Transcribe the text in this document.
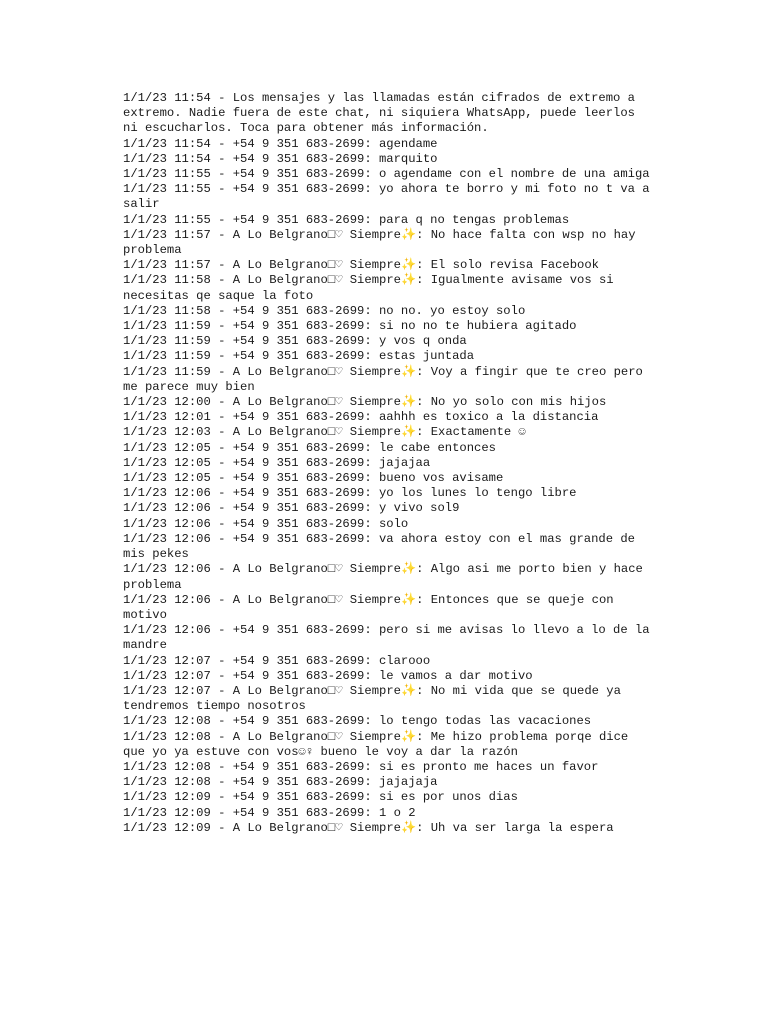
1/1/23 11:54 - Los mensajes y las llamadas están cifrados de extremo a extremo. Nadie fuera de este chat, ni siquiera WhatsApp, puede leerlos ni escucharlos. Toca para obtener más información.

1/1/23 11:54 - +54 9 351 683-2699: agendame

1/1/23 11:54 - +54 9 351 683-2699: marquito

1/1/23 11:55 - +54 9 351 683-2699: o agendame con el nombre de una amiga

1/1/23 11:55 - +54 9 351 683-2699: yo ahora te borro y mi foto no t va a salir

1/1/23 11:55 - +54 9 351 683-2699: para q no tengas problemas

1/1/23 11:57 - A Lo Belgrano□♡ Siempre✨: No hace falta con wsp no hay problema

1/1/23 11:57 - A Lo Belgrano□♡ Siempre✨: El solo revisa Facebook

1/1/23 11:58 - A Lo Belgrano□♡ Siempre✨: Igualmente avisame vos si necesitas qe saque la foto

1/1/23 11:58 - +54 9 351 683-2699: no no. yo estoy solo

1/1/23 11:59 - +54 9 351 683-2699: si no no te hubiera agitado

1/1/23 11:59 - +54 9 351 683-2699: y vos q onda

1/1/23 11:59 - +54 9 351 683-2699: estas juntada

1/1/23 11:59 - A Lo Belgrano□♡ Siempre✨: Voy a fingir que te creo pero me parece muy bien

1/1/23 12:00 - A Lo Belgrano□♡ Siempre✨: No yo solo con mis hijos

1/1/23 12:01 - +54 9 351 683-2699: aahhh es toxico a la distancia

1/1/23 12:03 - A Lo Belgrano□♡ Siempre✨: Exactamente ☺

1/1/23 12:05 - +54 9 351 683-2699: le cabe entonces

1/1/23 12:05 - +54 9 351 683-2699: jajajaa

1/1/23 12:05 - +54 9 351 683-2699: bueno vos avisame

1/1/23 12:06 - +54 9 351 683-2699: yo los lunes lo tengo libre

1/1/23 12:06 - +54 9 351 683-2699: y vivo sol9

1/1/23 12:06 - +54 9 351 683-2699: solo

1/1/23 12:06 - +54 9 351 683-2699: va ahora estoy con el mas grande de mis pekes

1/1/23 12:06 - A Lo Belgrano□♡ Siempre✨: Algo asi me porto bien y hace problema

1/1/23 12:06 - A Lo Belgrano□♡ Siempre✨: Entonces que se queje con motivo

1/1/23 12:06 - +54 9 351 683-2699: pero si me avisas lo llevo a lo de la mandre

1/1/23 12:07 - +54 9 351 683-2699: clarooo

1/1/23 12:07 - +54 9 351 683-2699: le vamos a dar motivo

1/1/23 12:07 - A Lo Belgrano□♡ Siempre✨: No mi vida que se quede ya tendremos tiempo nosotros

1/1/23 12:08 - +54 9 351 683-2699: lo tengo todas las vacaciones

1/1/23 12:08 - A Lo Belgrano□♡ Siempre✨: Me hizo problema porqe dice que yo ya estuve con vos☺♀ bueno le voy a dar la razón

1/1/23 12:08 - +54 9 351 683-2699: si es pronto me haces un favor

1/1/23 12:08 - +54 9 351 683-2699: jajajaja

1/1/23 12:09 - +54 9 351 683-2699: si es por unos dias

1/1/23 12:09 - +54 9 351 683-2699: 1 o 2

1/1/23 12:09 - A Lo Belgrano□♡ Siempre✨: Uh va ser larga la espera
